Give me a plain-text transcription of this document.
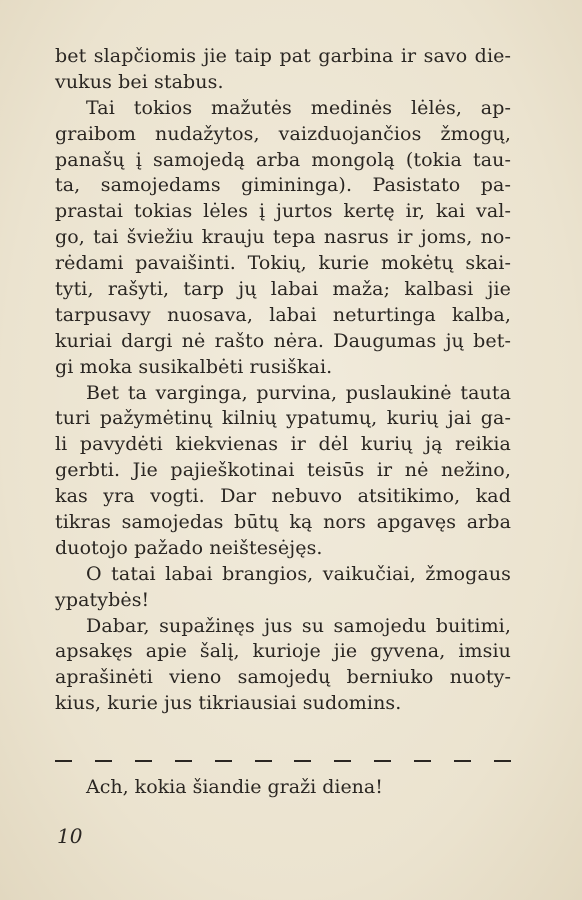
bet slapčiomis jie taip pat garbina ir savo die-
vukus bei stabus.
Tai tokios mažutės medinės lėlės, ap-
graibom nudažytos, vaizduojančios žmogų,
panašų į samojedą arba mongolą (tokia tau-
ta, samojedams gimininga). Pasistato pa-
prastai tokias lėles į jurtos kertę ir, kai val-
go, tai šviežiu krauju tepa nasrus ir joms, no-
rėdami pavaišinti. Tokių, kurie mokėtų skai-
tyti, rašyti, tarp jų labai maža; kalbasi jie
tarpusavy nuosava, labai neturtinga kalba,
kuriai dargi nė rašto nėra. Daugumas jų bet-
gi moka susikalbėti rusiškai.
Bet ta varginga, purvina, puslaukinė tauta
turi pažymėtinų kilnių ypatumų, kurių jai ga-
li pavydėti kiekvienas ir dėl kurių ją reikia
gerbti. Jie pajieškotinai teisūs ir nė nežino,
kas yra vogti. Dar nebuvo atsitikimo, kad
tikras samojedas būtų ką nors apgavęs arba
duotojo pažado neištesėjęs.
O tatai labai brangios, vaikučiai, žmogaus
ypatybės!
Dabar, supažinęs jus su samojedu buitimi,
apsakęs apie šalį, kurioje jie gyvena, imsiu
aprašinėti vieno samojedų berniuko nuoty-
kius, kurie jus tikriausiai sudomins.
Ach, kokia šiandie graži diena!
10
